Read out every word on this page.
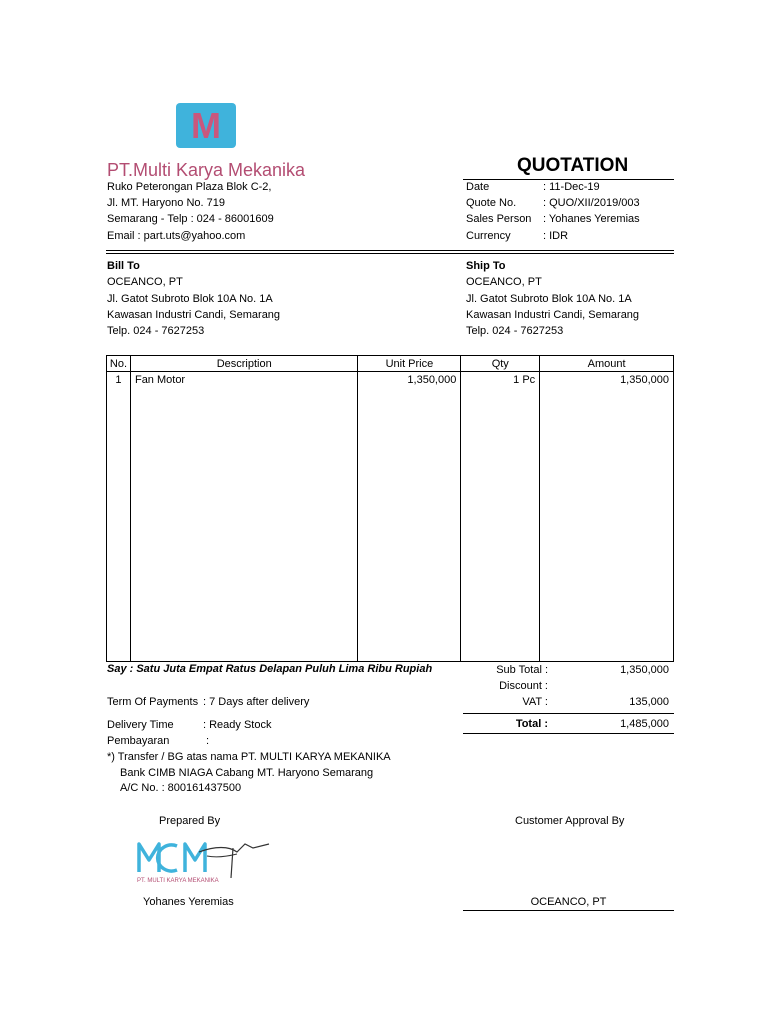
M
PT.Multi Karya Mekanika
Ruko Peterongan Plaza Blok C-2,
Jl. MT. Haryono No. 719
Semarang - Telp : 024 - 86001609
Email : part.uts@yahoo.com
QUOTATION
Date	: 11-Dec-19
Quote No. : QUO/XII/2019/003
Sales Person : Yohanes Yeremias
Currency	: IDR
Bill To
OCEANCO, PT
Jl. Gatot Subroto Blok 10A No. 1A
Kawasan Industri Candi, Semarang
Telp. 024 - 7627253
Ship To
OCEANCO, PT
Jl. Gatot Subroto Blok 10A No. 1A
Kawasan Industri Candi, Semarang
Telp. 024 - 7627253
No.	Description	Unit Price	Qty	Amount
1	Fan Motor	1,350,000	1 Pc	1,350,000

Say : Satu Juta Empat Ratus Delapan Puluh Lima Ribu Rupiah	Sub Total :	1,350,000
Discount :
VAT :	135,000
Total :	1,485,000
Term Of Payments : 7 Days after delivery
Delivery Time	: Ready Stock
Pembayaran	:
*) Transfer / BG atas nama PT. MULTI KARYA MEKANIKA
Bank CIMB NIAGA Cabang MT. Haryono Semarang
A/C No. : 800161437500
Prepared By	Customer Approval By
PT. MULTI KARYA MEKANIKA
Yohanes Yeremias	OCEANCO, PT
